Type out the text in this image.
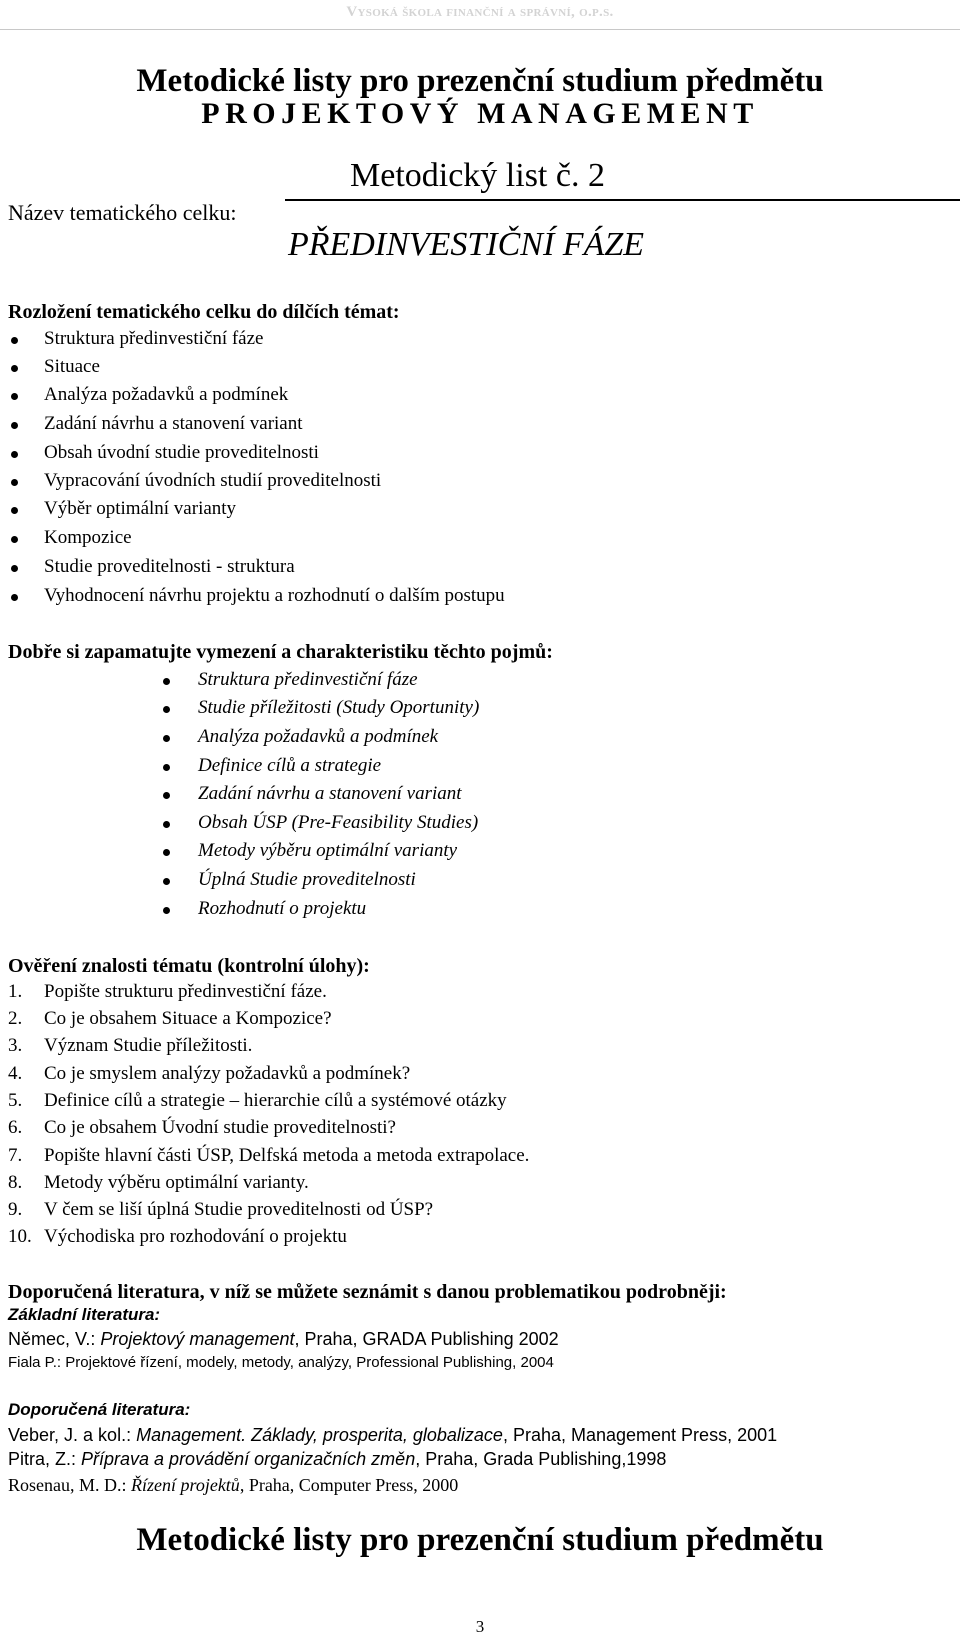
Vysoká škola finanční a správní, o.p.s.
Metodické listy pro prezenční studium předmětu
PROJEKTOVÝ MANAGEMENT
Metodický list č. 2
Název tematického celku:
PŘEDINVESTIČNÍ FÁZE
Rozložení tematického celku do dílčích témat:
Struktura předinvestiční fáze
Situace
Analýza požadavků a podmínek
Zadání návrhu a stanovení variant
Obsah úvodní studie proveditelnosti
Vypracování úvodních studií proveditelnosti
Výběr optimální varianty
Kompozice
Studie proveditelnosti - struktura
Vyhodnocení návrhu projektu a rozhodnutí o dalším postupu
Dobře si zapamatujte vymezení a charakteristiku těchto pojmů:
Struktura předinvestiční fáze
Studie příležitosti (Study Oportunity)
Analýza požadavků a podmínek
Definice cílů a strategie
Zadání návrhu a stanovení variant
Obsah ÚSP (Pre-Feasibility Studies)
Metody výběru optimální varianty
Úplná Studie proveditelnosti
Rozhodnutí o projektu
Ověření znalosti tématu (kontrolní úlohy):
1. Popište strukturu předinvestiční fáze.
2. Co je obsahem Situace a Kompozice?
3. Význam Studie příležitosti.
4. Co je smyslem analýzy požadavků a podmínek?
5. Definice cílů a strategie – hierarchie cílů a systémové otázky
6. Co je obsahem Úvodní studie proveditelnosti?
7. Popište hlavní části ÚSP, Delfská metoda a metoda extrapolace.
8. Metody výběru optimální varianty.
9. V čem se liší úplná Studie proveditelnosti od ÚSP?
10. Východiska pro rozhodování o projektu
Doporučená literatura, v níž se můžete seznámit s danou problematikou podrobněji:
Základní literatura:
Němec, V.: Projektový management, Praha, GRADA Publishing 2002
Fiala P.: Projektové řízení, modely, metody, analýzy, Professional Publishing, 2004
Doporučená literatura:
Veber, J. a kol.: Management. Základy, prosperita, globalizace, Praha, Management Press, 2001
Pitra, Z.: Příprava a provádění organizačních změn, Praha, Grada Publishing,1998
Rosenau, M. D.: Řízení projektů, Praha, Computer Press, 2000
Metodické listy pro prezenční studium předmětu
3
